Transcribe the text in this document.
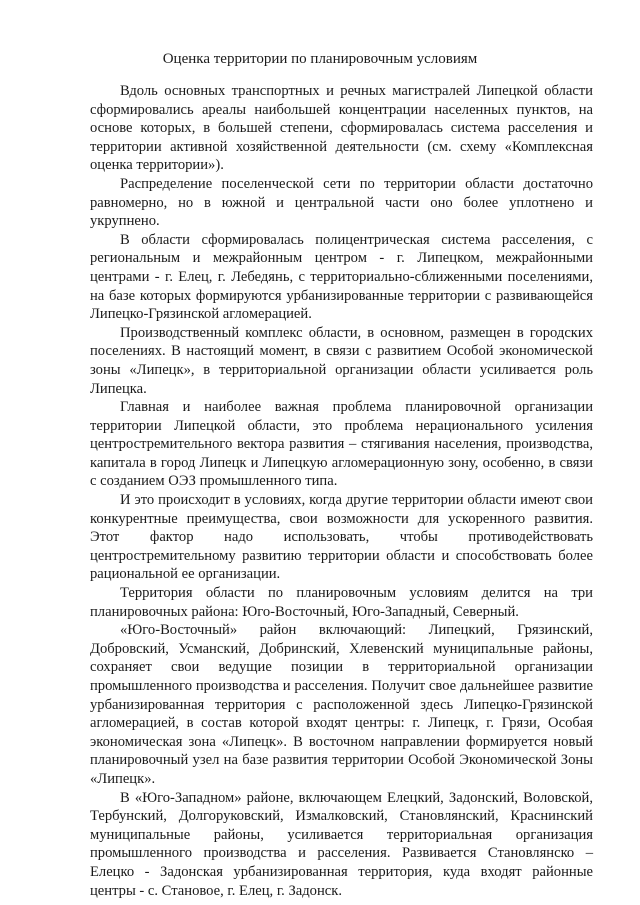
Оценка территории по планировочным условиям

Вдоль основных транспортных и речных магистралей Липецкой области сформировались ареалы наибольшей концентрации населенных пунктов, на основе которых, в большей степени, сформировалась система расселения и территории активной хозяйственной деятельности (см. схему «Комплексная оценка территории»).

Распределение поселенческой сети по территории области достаточно равномерно, но в южной и центральной части оно более уплотнено и укрупнено.

В области сформировалась полицентрическая система расселения, с региональным и межрайонным центром - г. Липецком, межрайонными центрами - г. Елец, г. Лебедянь, с территориально-сближенными поселениями, на базе которых формируются урбанизированные территории с развивающейся Липецко-Грязинской агломерацией.

Производственный комплекс области, в основном, размещен в городских поселениях. В настоящий момент, в связи с развитием Особой экономической зоны «Липецк», в территориальной организации области усиливается роль Липецка.

Главная и наиболее важная проблема планировочной организации территории Липецкой области, это проблема нерационального усиления центростремительного вектора развития – стягивания населения, производства, капитала в город Липецк и Липецкую агломерационную зону, особенно, в связи с созданием ОЭЗ промышленного типа.

И это происходит в условиях, когда другие территории области имеют свои конкурентные преимущества, свои возможности для ускоренного развития. Этот фактор надо использовать, чтобы противодействовать центростремительному развитию территории области и способствовать более рациональной ее организации.

Территория области по планировочным условиям делится на три планировочных района: Юго-Восточный, Юго-Западный, Северный.

«Юго-Восточный» район включающий: Липецкий, Грязинский, Добровский, Усманский, Добринский, Хлевенский муниципальные районы, сохраняет свои ведущие позиции в территориальной организации промышленного производства и расселения. Получит свое дальнейшее развитие урбанизированная территория с расположенной здесь Липецко-Грязинской агломерацией, в состав которой входят центры: г. Липецк, г. Грязи, Особая экономическая зона «Липецк». В восточном направлении формируется новый планировочный узел на базе развития территории Особой Экономической Зоны «Липецк».

В «Юго-Западном» районе, включающем Елецкий, Задонский, Воловской, Тербунский, Долгоруковский, Измалковский, Становлянский, Краснинский муниципальные районы, усиливается территориальная организация промышленного производства и расселения. Развивается Становлянско – Елецко - Задонская урбанизированная территория, куда входят районные центры - с. Становое, г. Елец, г. Задонск.
